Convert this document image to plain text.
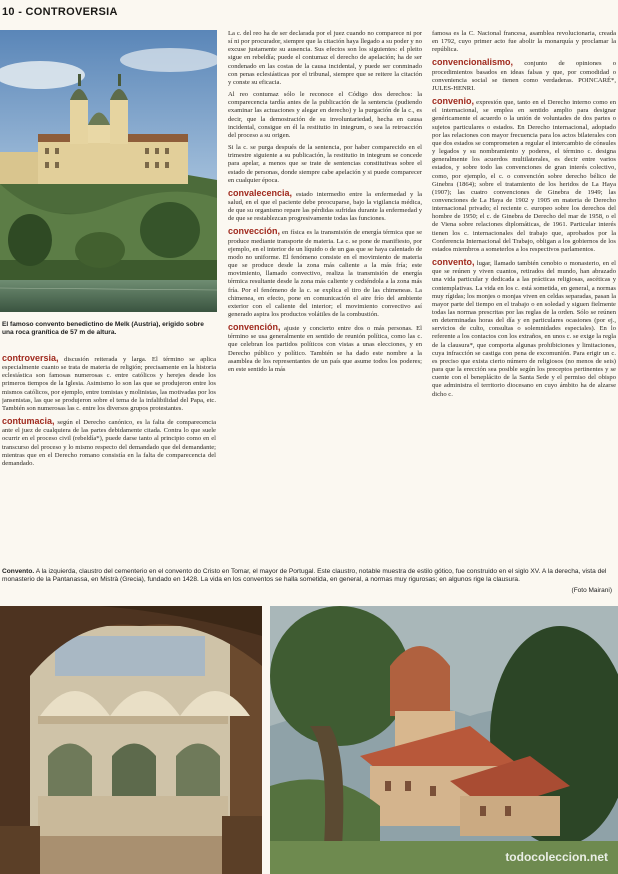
10 - CONTROVERSIA
El famoso convento benedictino de Melk (Austria), erigido sobre una roca granítica de 57 m de altura.

controversia, discusión reiterada y larga. El término se aplica especialmente cuanto se trata de materia de religión; precisamente en la historia eclesiástica son famosas numerosas c. entre católicos y herejes desde los primeros tiempos de la Iglesia. Asimismo lo son las que se produjeron entre los mismos católicos, por ejemplo, entre tomistas y molinistas, las motivadas por los jansenistas, las que se produjeron sobre el tema de la infalibilidad del Papa, etc. También son numerosas las c. entre los diversos grupos protestantes.

contumacia, según el Derecho canónico, es la falta de comparecencia ante el juez de cualquiera de las partes debidamente citada. Contra lo que suele ocurrir en el proceso civil (rebeldía*), puede darse tanto al principio como en el transcurso del proceso y lo mismo respecto del demandado que del demandante; mientras que en el Derecho romano consistía en la falta de comparecencia del demandado.

La c. del reo ha de ser declarada por el juez cuando no comparece ni por sí ni por procurador, siempre que la citación haya llegado a su poder y no excuse justamente su ausencia. Sus efectos son los siguientes: el pleito sigue en rebeldía; puede el contumaz el derecho de apelación; ha de ser condenado en las costas de la causa incidental, y puede ser conminado con penas eclesiásticas por el tribunal, siempre que se reitere la citación y conste su eficacia.

Al reo contumaz sólo le reconoce el Código dos derechos: la comparecencia tardía antes de la publicación de la sentencia (pudiendo examinar las actuaciones y alegar en derecho) y la purgación de la c., es decir, que la demostración de su involuntariedad, hecha en causa incidental, consigue en él la restitutio in integrum, o sea la retroacción del proceso a su origen.

Si la c. se purga después de la sentencia, por haber comparecido en el trimestre siguiente a su publicación, la restitutio in integrum se concede para apelar, a menos que se trate de sentencias constitutivas sobre el estado de personas, donde siempre cabe apelación y si puede comparecer en cualquier época.

convalecencia, estado intermedio entre la enfermedad y la salud, en el que el paciente debe preocuparse, bajo la vigilancia médica, de que su organismo repare las pérdidas sufridas durante la enfermedad y de que se restablezcan progresivamente todas las funciones.

convección, en física es la transmisión de energía térmica que se produce mediante transporte de materia. La c. se pone de manifiesto, por ejemplo, en el interior de un líquido o de un gas que se haya calentado de modo no uniforme. El fenómeno consiste en el movimiento de materia que se produce desde la zona más caliente a la más fría; este movimiento, llamado convectivo, realiza la transmisión de energía térmica resultante desde la zona más caliente y cediéndola a la zona más fría. Por el fenómeno de la c. se explica el tiro de las chimeneas. La chimenea, en efecto, pone en comunicación el aire frío del ambiente exterior con el caliente del interior; el movimiento convectivo así generado aspira los productos volátiles de la combustión.

convención, ajuste y concierto entre dos o más personas. El término se usa generalmente en sentido de reunión política, como las c. que celebran los partidos políticos con vistas a unas elecciones, y en Derecho público y político. También se ha dado este nombre a la asamblea de los representantes de un país que asume todos los poderes; en este sentido la más

famosa es la C. Nacional francesa, asamblea revolucionaria, creada en 1792, cuyo primer acto fue abolir la monarquía y proclamar la república.

convencionalismo, conjunto de opiniones o procedimientos basados en ideas falsas y que, por comodidad o conveniencia social se tienen como verdaderas. POINCARÉ*, JULES-HENRI.

convenio, expresión que, tanto en el Derecho interno como en el internacional, se emplea en sentido amplio para designar genéricamente el acuerdo o la unión de voluntades de dos partes o sujetos particulares o estados. En Derecho internacional, adoptado por las relaciones con mayor frecuencia para los actos bilaterales con que dos estados se comprometen a regular el intercambio de cónsules y legados y su nombramiento y poderes, el término c. designa generalmente los acuerdos multilaterales, es decir entre varios estados, y sobre todo las convenciones de gran interés colectivo, como, por ejemplo, el c. o convención sobre derecho bélico de Ginebra (1864); sobre el tratamiento de los heridos de La Haya (1907); las cuatro convenciones de Ginebra de 1949; las convenciones de La Haya de 1902 y 1905 en materia de Derecho internacional privado; el reciente c. europeo sobre los derechos del hombre de 1950; el c. de Ginebra de Derecho del mar de 1958, o el de Viena sobre relaciones diplomáticas, de 1961. Particular interés tienen los c. internacionales del trabajo que, aprobados por la Conferencia Internacional del Trabajo, obligan a los gobiernos de los estados miembros a someterlos a los respectivos parlamentos.

convento, lugar, llamado también cenobio o monasterio, en el que se reúnen y viven cuantos, retirados del mundo, han abrazado una vida particular y dedicada a las prácticas religiosas, ascéticas y contemplativas. La vida en los c. está sometida, en general, a normas muy rígidas; los monjes o monjas viven en celdas separadas, pasan la mayor parte del tiempo en el trabajo o en soledad y siguen fielmente todas las normas prescritas por las reglas de la orden. Sólo se reúnen en determinadas horas del día y en particulares ocasiones (por ej., servicios de culto, consultas o solemnidades especiales). En lo referente a los contactos con los extraños, en unos c. se exige la regla de la clausura*, que comporta algunas prohibiciones y limitaciones, cuya infracción se castiga con pena de excomunión. Para erigir un c. es preciso que exista cierto número de religiosos (no menos de seis) para que la erección sea posible según los preceptos pertinentes y se cuente con el beneplácito de la Santa Sede y el permiso del obispo que administra el territorio diocesano en cuyo ámbito ha de alzarse dicho c.

Convento. A la izquierda, claustro del cementerio en el convento do Cristo en Tomar, el mayor de Portugal. Este claustro, notable muestra de estilo gótico, fue construido en el siglo XV. A la derecha, vista del monasterio de la Pantanassa, en Mistrà (Grecia), fundado en 1428. La vida en los conventos se halla sometida, en general, a normas muy rigurosas; en algunos rige la clausura.
(Foto Mairani)
todocoleccion.net
